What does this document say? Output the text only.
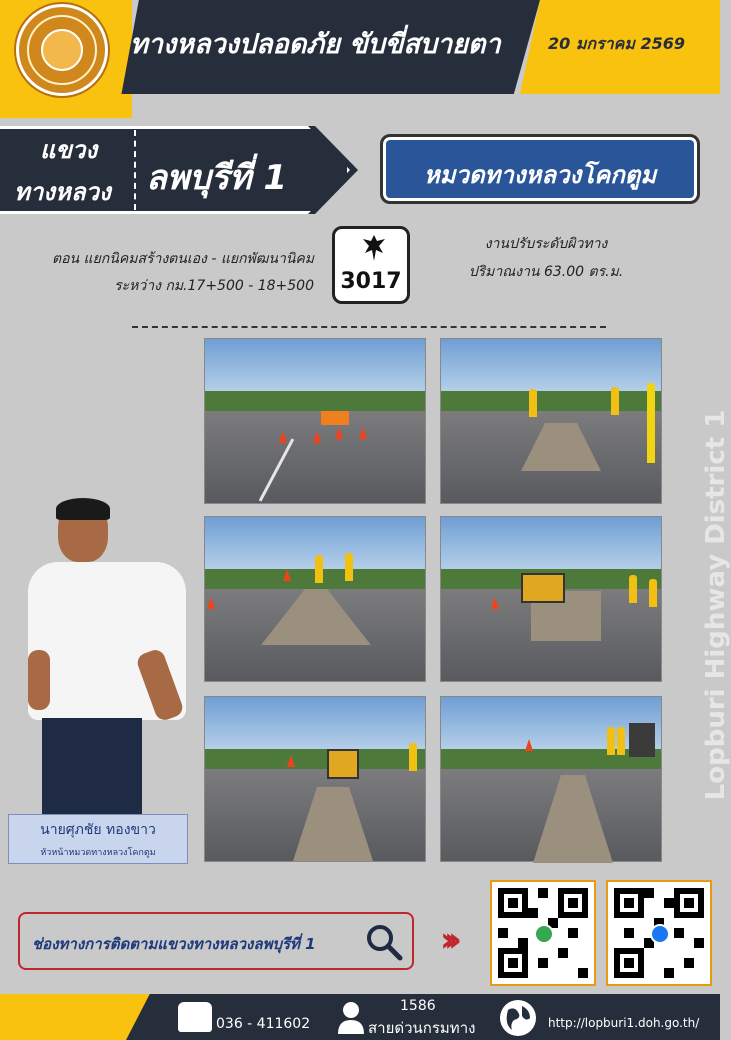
ทางหลวงปลอดภัย ขับขี่สบายตา	20 มกราคม 2569
แขวง
ทางหลวง ลพบุรีที่ 1	หมวดทางหลวงโคกตูม
ตอน แยกนิคมสร้างตนเอง - แยกพัฒนานิคม
ระหว่าง กม.17+500 - 18+500 3017
งานปรับระดับผิวทาง
ปริมาณงาน 63.00 ตร.ม.
นายศุภชัย ทองขาว
หัวหน้าหมวดทางหลวงโคกตูม
Lopburi Highway District 1
ช่องทางการติดตามแขวงทางหลวงลพบุรีที่ 1	›››
036 - 411602
1586
สายด่วนกรมทาง	http://lopburi1.doh.go.th/
